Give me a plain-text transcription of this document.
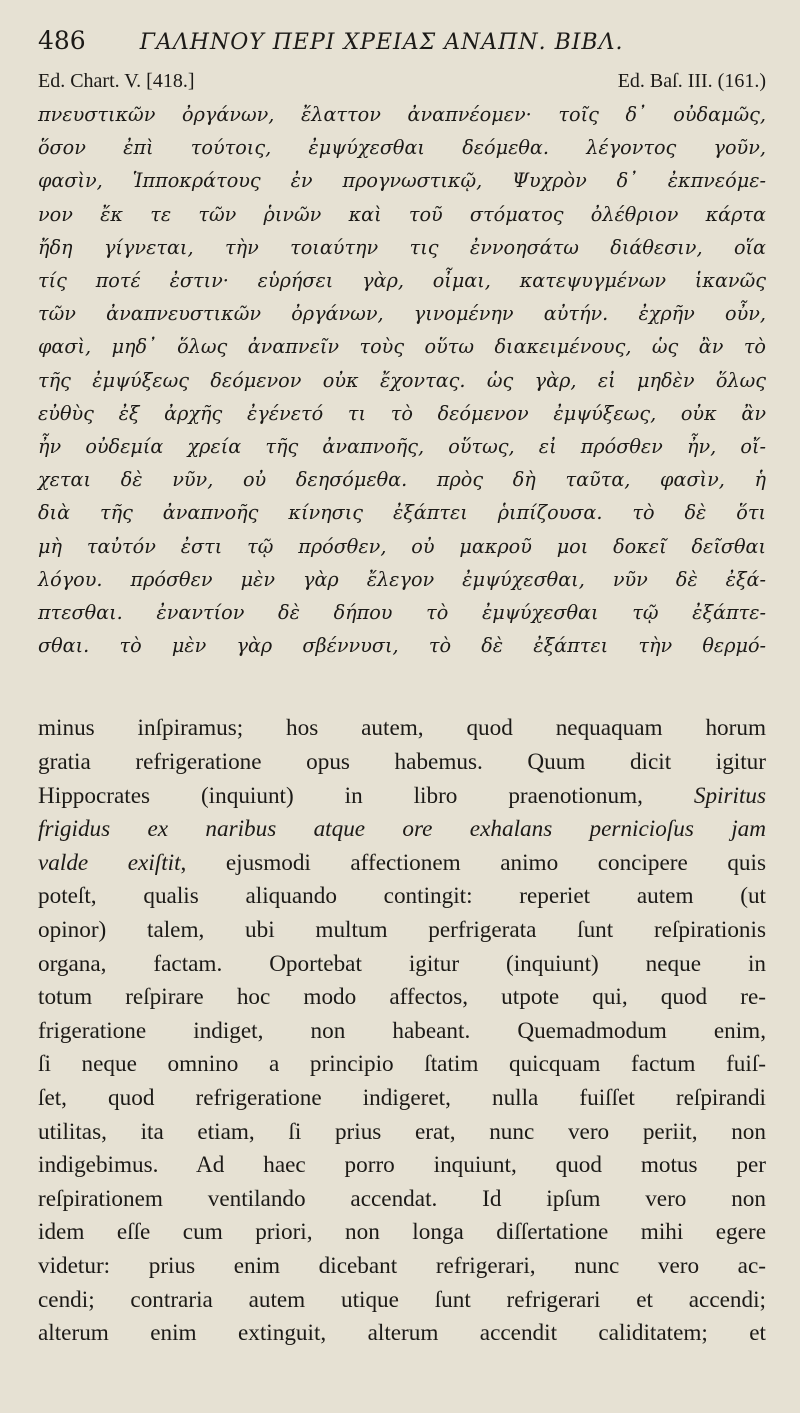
486 ΓΑΛΗΝΟΥ ΠΕΡΙ ΧΡΕΙΑΣ ΑΝΑΠΝ. ΒΙΒΛ.
Ed. Chart. V. [418.]	Ed. Baſ. III. (161.)
πνευστικῶν ὀργάνων, ἔλαττον ἀναπνέομεν· τοῖς δ᾿ οὐδαμῶς,
ὅσον ἐπὶ τούτοις, ἐμψύχεσθαι δεόμεθα. λέγοντος γοῦν,
φασὶν, Ἱπποκράτους ἐν προγνωστικῷ, Ψυχρὸν δ᾿ ἐκπνεόμε-
νον ἔκ τε τῶν ῥινῶν καὶ τοῦ στόματος ὀλέθριον κάρτα
ἤδη γίγνεται, τὴν τοιαύτην τις ἐννοησάτω διάθεσιν, οἵα
τίς ποτέ ἐστιν· εὑρήσει γὰρ, οἶμαι, κατεψυγμένων ἱκανῶς
τῶν ἀναπνευστικῶν ὀργάνων, γινομένην αὐτήν. ἐχρῆν οὖν,
φασὶ, μηδ᾿ ὅλως ἀναπνεῖν τοὺς οὕτω διακειμένους, ὡς ἂν τὸ
τῆς ἐμψύξεως δεόμενον οὐκ ἔχοντας. ὡς γὰρ, εἰ μηδὲν ὅλως
εὐθὺς ἐξ ἀρχῆς ἐγένετό τι τὸ δεόμενον ἐμψύξεως, οὐκ ἂν
ἦν οὐδεμία χρεία τῆς ἀναπνοῆς, οὕτως, εἰ πρόσθεν ἦν, οἴ-
χεται δὲ νῦν, οὐ δεησόμεθα. πρὸς δὴ ταῦτα, φασὶν, ἡ
διὰ τῆς ἀναπνοῆς κίνησις ἐξάπτει ῥιπίζουσα. τὸ δὲ ὅτι
μὴ ταὐτόν ἐστι τῷ πρόσθεν, οὐ μακροῦ μοι δοκεῖ δεῖσθαι
λόγου. πρόσθεν μὲν γὰρ ἔλεγον ἐμψύχεσθαι, νῦν δὲ ἐξά-
πτεσθαι. ἐναντίον δὲ δήπου τὸ ἐμψύχεσθαι τῷ ἐξάπτε-
σθαι. τὸ μὲν γὰρ σβέννυσι, τὸ δὲ ἐξάπτει τὴν θερμό-
minus inſpiramus; hos autem, quod nequaquam horum
gratia refrigeratione opus habemus. Quum dicit igitur
Hippocrates (inquiunt) in libro praenotionum, Spiritus
frigidus ex naribus atque ore exhalans pernicioſus jam
valde exiſtit, ejusmodi affectionem animo concipere quis
poteſt, qualis aliquando contingit: reperiet autem (ut
opinor) talem, ubi multum perfrigerata ſunt reſpirationis
organa, factam. Oportebat igitur (inquiunt) neque in
totum reſpirare hoc modo affectos, utpote qui, quod re-
frigeratione indiget, non habeant. Quemadmodum enim,
ſi neque omnino a principio ſtatim quicquam factum fuiſ-
ſet, quod refrigeratione indigeret, nulla fuiſſet reſpirandi
utilitas, ita etiam, ſi prius erat, nunc vero periit, non
indigebimus. Ad haec porro inquiunt, quod motus per
reſpirationem ventilando accendat. Id ipſum vero non
idem eſſe cum priori, non longa diſſertatione mihi egere
videtur: prius enim dicebant refrigerari, nunc vero ac-
cendi; contraria autem utique ſunt refrigerari et accendi;
alterum enim extinguit, alterum accendit caliditatem; et
